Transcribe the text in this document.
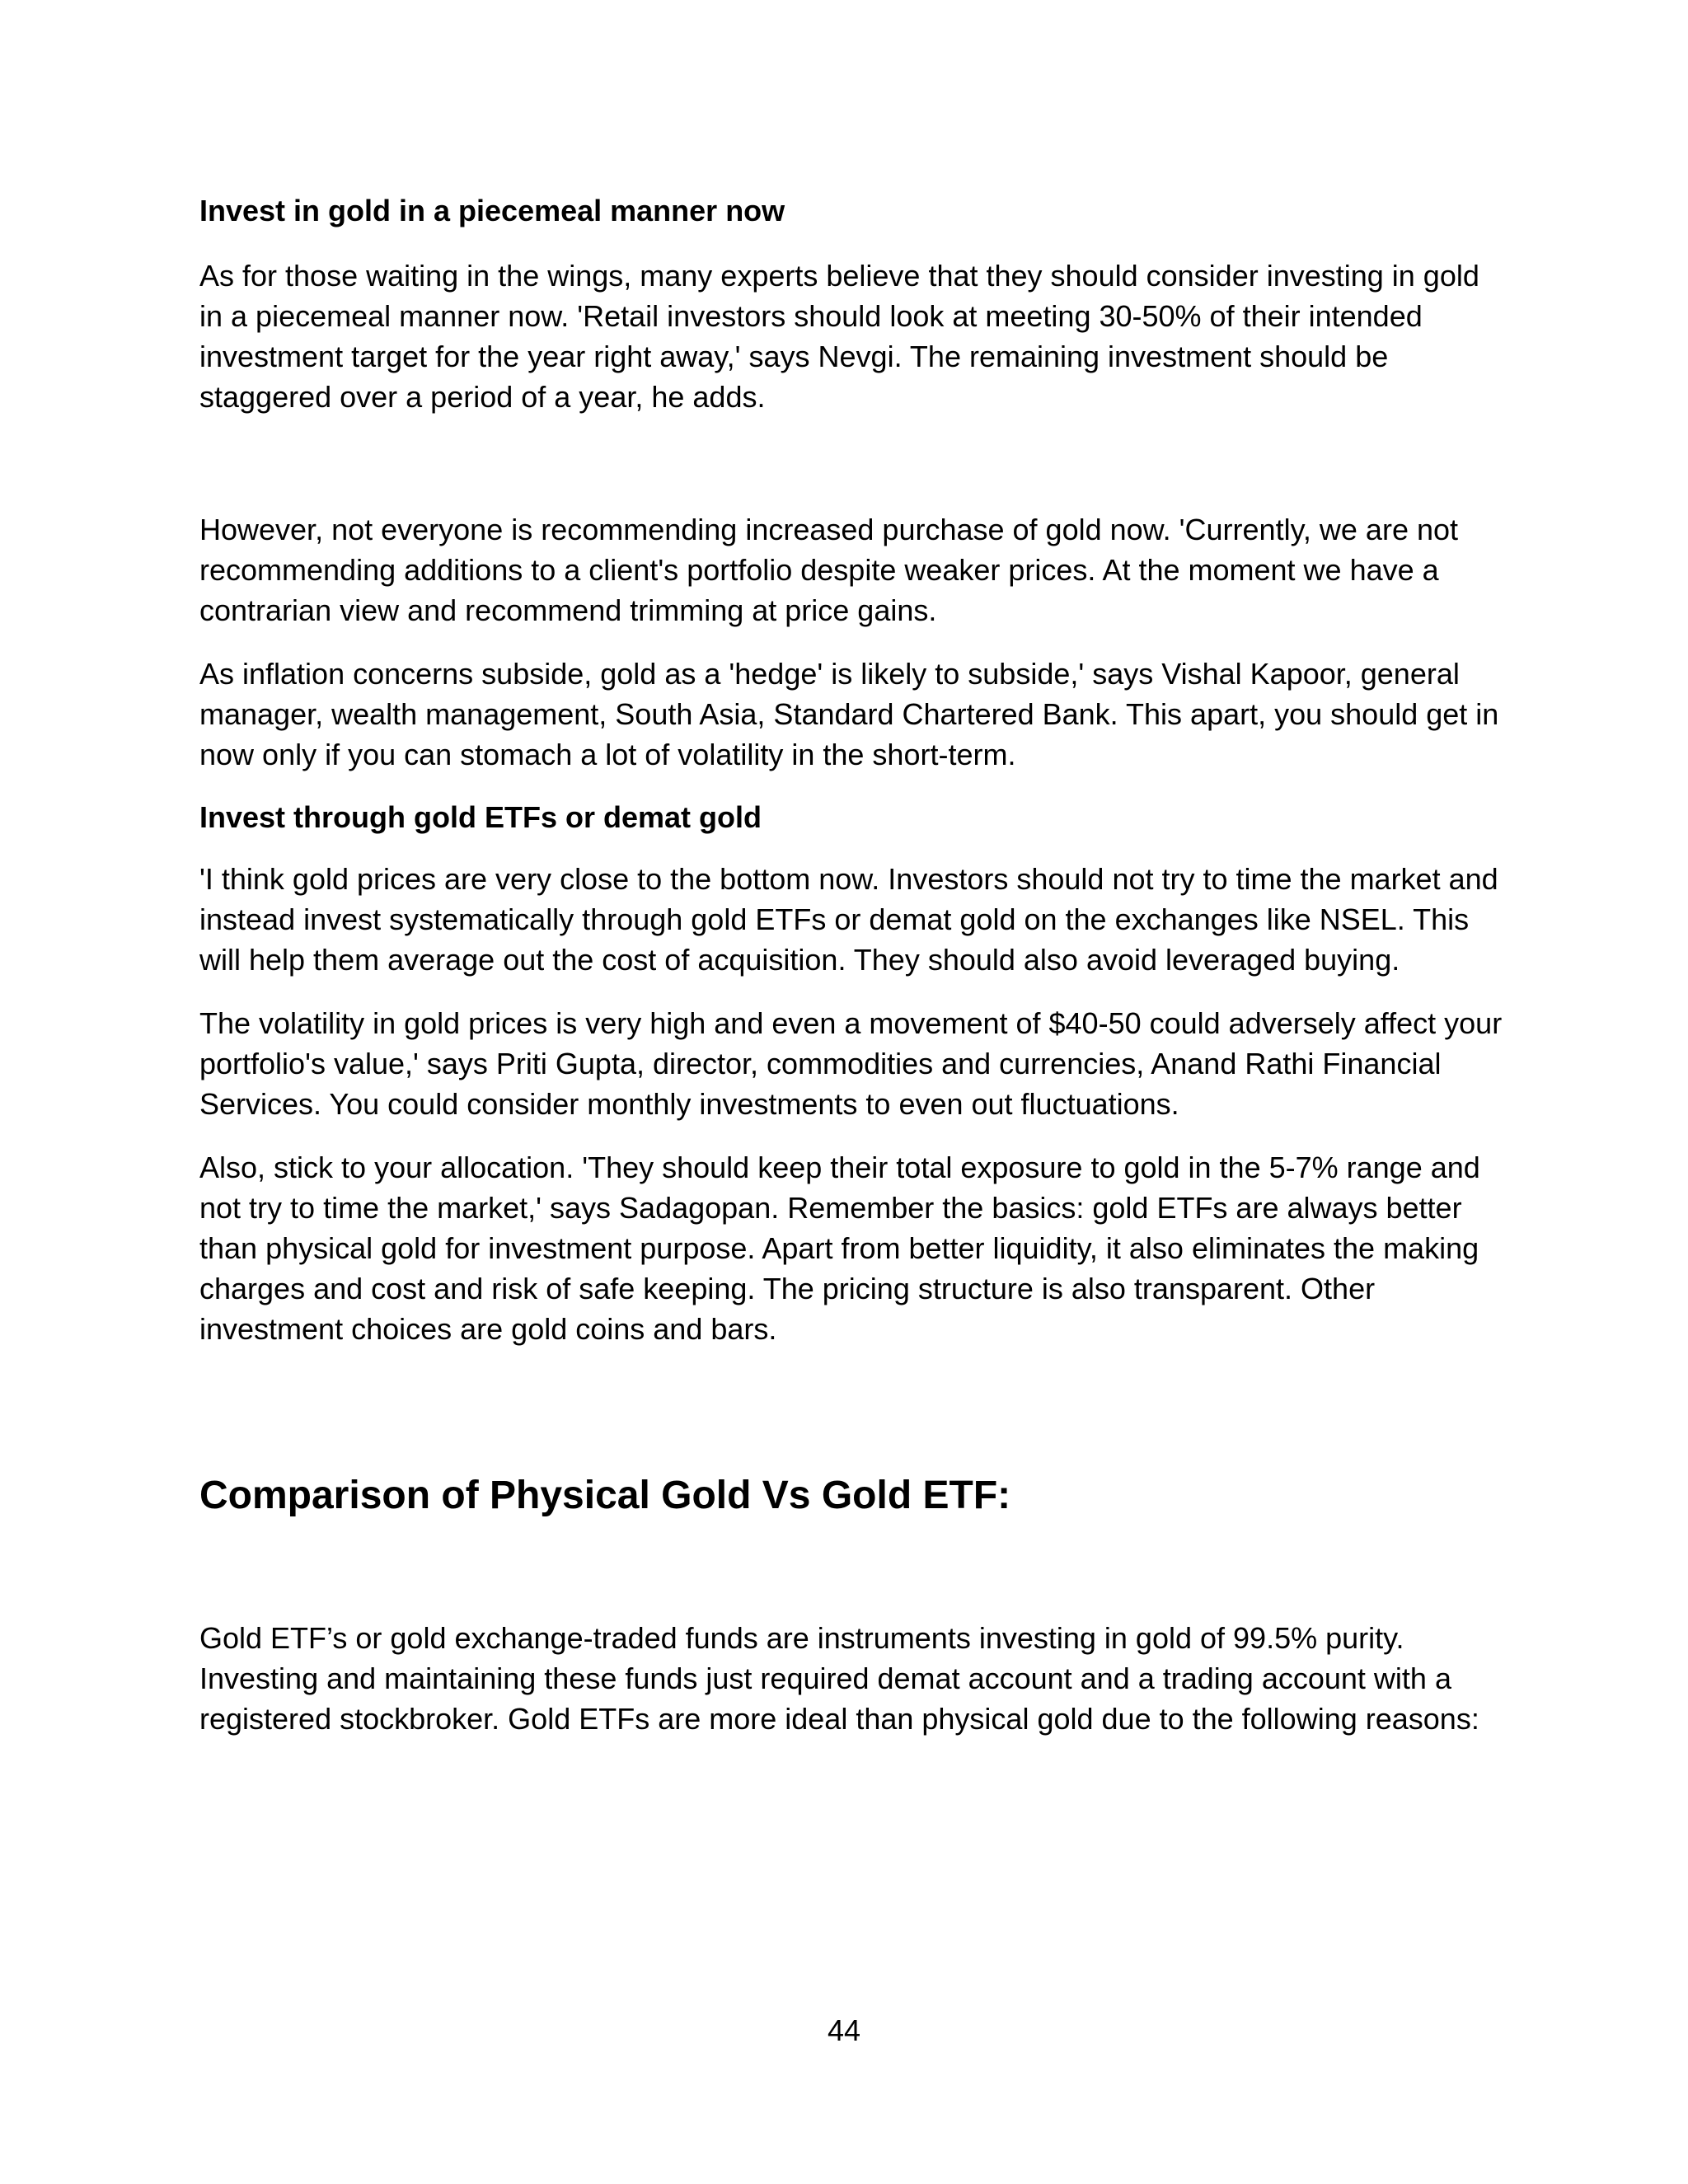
Invest in gold in a piecemeal manner now

As for those waiting in the wings, many experts believe that they should consider investing in gold in a piecemeal manner now. 'Retail investors should look at meeting 30-50% of their intended investment target for the year right away,' says Nevgi. The remaining investment should be staggered over a period of a year, he adds.

However, not everyone is recommending increased purchase of gold now. 'Currently, we are not recommending additions to a client's portfolio despite weaker prices. At the moment we have a contrarian view and recommend trimming at price gains.

As inflation concerns subside, gold as a 'hedge' is likely to subside,' says Vishal Kapoor, general manager, wealth management, South Asia, Standard Chartered Bank. This apart, you should get in now only if you can stomach a lot of volatility in the short-term.

Invest through gold ETFs or demat gold

'I think gold prices are very close to the bottom now. Investors should not try to time the market and instead invest systematically through gold ETFs or demat gold on the exchanges like NSEL. This will help them average out the cost of acquisition. They should also avoid leveraged buying.

The volatility in gold prices is very high and even a movement of $40-50 could adversely affect your portfolio's value,' says Priti Gupta, director, commodities and currencies, Anand Rathi Financial Services. You could consider monthly investments to even out fluctuations.

Also, stick to your allocation. 'They should keep their total exposure to gold in the 5-7% range and not try to time the market,' says Sadagopan. Remember the basics: gold ETFs are always better than physical gold for investment purpose. Apart from better liquidity, it also eliminates the making charges and cost and risk of safe keeping. The pricing structure is also transparent. Other investment choices are gold coins and bars.

Comparison of Physical Gold Vs Gold ETF:

Gold ETF’s or gold exchange-traded funds are instruments investing in gold of 99.5% purity. Investing and maintaining these funds just required demat account and a trading account with a registered stockbroker. Gold ETFs are more ideal than physical gold due to the following reasons:

44
